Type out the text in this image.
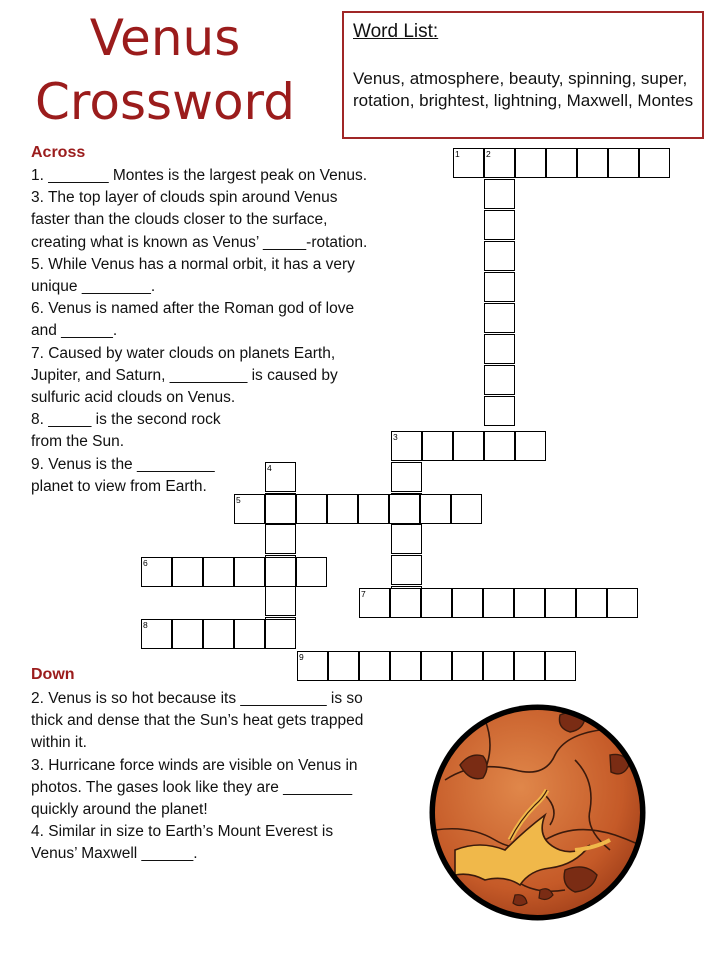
Venus
Crossword
Word List:
Venus, atmosphere, beauty, spinning, super, rotation, brightest, lightning, Maxwell, Montes
Across
1. _______ Montes is the largest peak on Venus.
3. The top layer of clouds spin around Venus faster than the clouds closer to the surface, creating what is known as Venus’ _____-rotation.
5. While Venus has a normal orbit, it has a very unique ________.
6. Venus is named after the Roman god of love and ______.
7. Caused by water clouds on planets Earth, Jupiter, and Saturn, _________ is caused by sulfuric acid clouds on Venus.
8. _____ is the second rock from the Sun.
9. Venus is the _________ planet to view from Earth.
Down
2. Venus is so hot because its __________ is so thick and dense that the Sun’s heat gets trapped within it.
3. Hurricane force winds are visible on Venus in photos. The gases look like they are ________ quickly around the planet!
4. Similar in size to Earth’s Mount Everest is Venus’ Maxwell ______.
1	2
3
4
5
6
7
8
9
